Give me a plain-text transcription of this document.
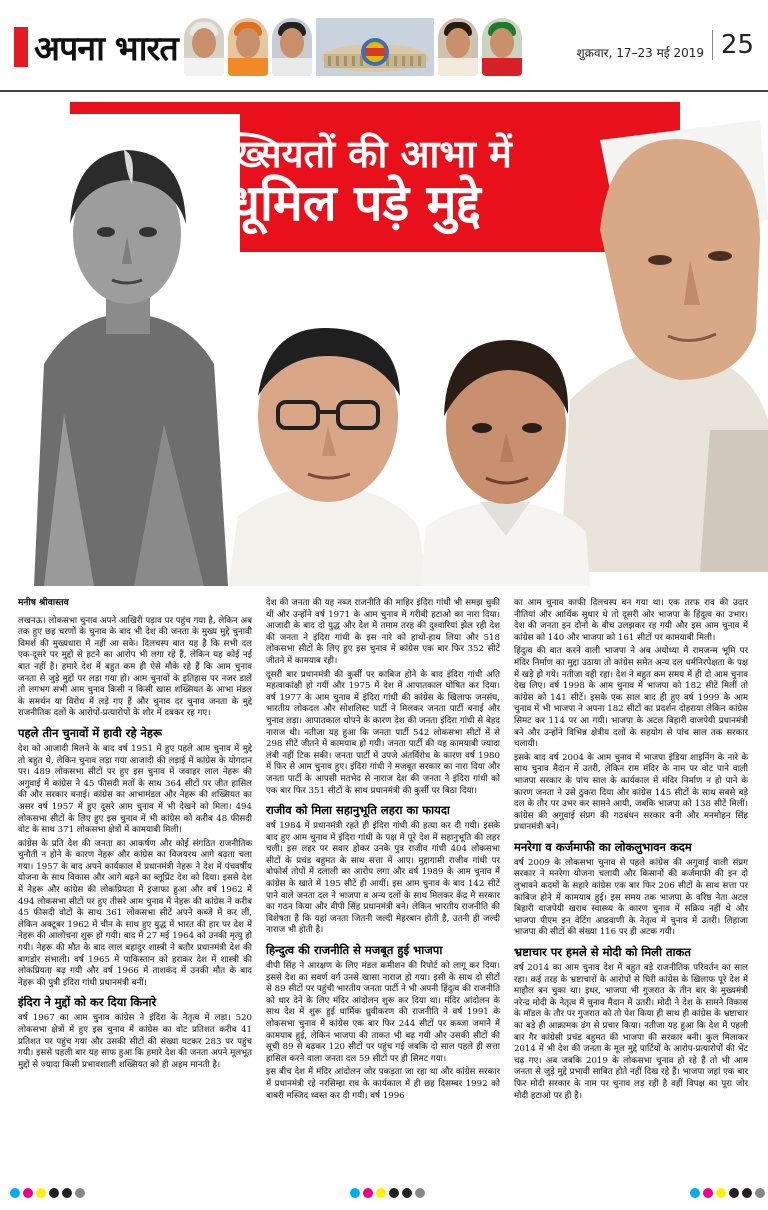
अपना भारत	शुक्रवार, 17–23 मई 2019 25
शख्सियतों की आभा में
धूमिल पड़े मुद्दे
मनीष श्रीवास्तव

लखनऊ। लोकसभा चुनाव अपने आखिरी पड़ाव पर पहुंच गया है, लेकिन अब तक हुए छह चरणों के चुनाव के बाद भी देश की जनता के मुख्य मुद्दे चुनावी विमर्श की मुख्यधारा में नहीं आ सके। दिलचस्प बात यह है कि सभी दल एक-दूसरे पर मुद्दों से हटने का आरोप भी लगा रहे हैं, लेकिन यह कोई नई बात नहीं है। हमारे देश में बहुत कम ही ऐसे मौके रहे हैं कि आम चुनाव जनता से जुड़े मुद्दों पर लड़ा गया हो। आम चुनावों के इतिहास पर नजर डालें तो लगभग सभी आम चुनाव किसी न किसी खास शख्सियत के आभा मंडल के समर्थन या विरोध में लड़े गए हैं और चुनाव दर चुनाव जनता के मुद्दे राजनीतिक दलों के आरोपों-प्रत्यारोपों के शोर में दबकर रह गए।

पहले तीन चुनावों में हावी रहे नेहरू

देश को आजादी मिलने के बाद वर्ष 1951 में हुए पहले आम चुनाव में मुद्दे तो बहुत थे, लेकिन चुनाव लड़ा गया आजादी की लड़ाई में कांग्रेस के योगदान पर। 489 लोकसभा सीटों पर हुए इस चुनाव में जवाहर लाल नेहरू की अगुवाई में कांग्रेस ने 45 फीसदी मतों के साथ 364 सीटों पर जीत हासिल की और सरकार बनाई। कांग्रेस का आभामंडल और नेहरू की शख्सियत का असर वर्ष 1957 में हुए दूसरे आम चुनाव में भी देखने को मिला। 494 लोकसभा सीटों के लिए हुए इस चुनाव में भी कांग्रेस को करीब 48 फीसदी वोट के साथ 371 लोकसभा क्षेत्रों में कामयाबी मिली।

कांग्रेस के प्रति देश की जनता का आकर्षण और कोई संगठित राजनीतिक चुनौती न होने के कारण नेहरू और कांग्रेस का विजयरथ आगे बढ़ता चला गया। 1957 के बाद अपने कार्यकाल में प्रधानमंत्री नेहरू ने देश में पंचवर्षीय योजना के साथ विकास और आगे बढ़ने का ब्लूप्रिंट देश को दिया। इससे देश में नेहरू और कांग्रेस की लोकप्रियता में इजाफा हुआ और वर्ष 1962 में 494 लोकसभा सीटों पर हुए तीसरे आम चुनाव में नेहरू की कांग्रेस ने करीब 45 फीसदी वोटों के साथ 361 लोकसभा सीटें अपने कब्जे में कर लीं, लेकिन अक्टूबर 1962 में चीन के साथ हुए युद्ध में भारत की हार पर देश में नेहरू की आलोचना शुरू हो गयी। बाद में 27 मई 1964 को उनकी मृत्यु हो गयी। नेहरू की मौत के बाद लाल बहादुर शास्त्री ने बतौर प्रधानमंत्री देश की बागडोर संभाली। वर्ष 1965 में पाकिस्तान को हराकर देश में शास्त्री की लोकप्रियता बढ़ गयी और वर्ष 1966 में ताशकंद में उनकी मौत के बाद नेहरू की पुत्री इंदिरा गांधी प्रधानमंत्री बनीं।

इंदिरा ने मुद्दों को कर दिया किनारे

वर्ष 1967 का आम चुनाव कांग्रेस ने इंदिरा के नेतृत्व में लड़ा। 520 लोकसभा क्षेत्रों में हुए इस चुनाव में कांग्रेस का वोट प्रतिशत करीब 41 प्रतिशत पर पहुंच गया और उसकी सीटों की संख्या घटकर 283 पर पहुंच गयी। इससे पहली बार यह साफ हुआ कि हमारे देश की जनता अपने मूलभूत मुद्दों से ज्यादा किसी प्रभावशाली शख्सियत को ही अहम मानती है।

देश की जनता की यह नब्ज राजनीति की माहिर इंदिरा गांधी भी समझ चुकी थीं और उन्होंने वर्ष 1971 के आम चुनाव में गरीबी हटाओ का नारा दिया। आजादी के बाद दो युद्ध और देश में तमाम तरह की दुश्वारियां झेल रही देश की जनता ने इंदिरा गांधी के इस नारे को हाथों-हाथ लिया और 518 लोकसभा सीटों के लिए हुए इस चुनाव में कांग्रेस एक बार फिर 352 सीटें जीतने में कामयाब रही।

दूसरी बार प्रधानमंत्री की कुर्सी पर काबिज होने के बाद इंदिरा गांधी अति महत्वाकांक्षी हो गयीं और 1975 में देश में आपातकाल घोषित कर दिया। वर्ष 1977 के आम चुनाव में इंदिरा गांधी की कांग्रेस के खिलाफ जनसंघ, भारतीय लोकदल और सोशलिस्ट पार्टी ने मिलकर जनता पार्टी बनाई और चुनाव लड़ा। आपातकाल थोपने के कारण देश की जनता इंदिरा गांधी से बेहद नाराज थी। नतीजा यह हुआ कि जनता पार्टी 542 लोकसभा सीटों में से 298 सीटें जीतने में कामयाब हो गयी। जनता पार्टी की यह कामयाबी ज्यादा लंबी नहीं टिक सकी। जनता पार्टी में उपजे अंतर्विरोध के कारण वर्ष 1980 में फिर से आम चुनाव हुए। इंदिरा गांधी ने मजबूत सरकार का नारा दिया और जनता पार्टी के आपसी मतभेद से नाराज देश की जनता ने इंदिरा गांधी को एक बार फिर 351 सीटों के साथ प्रधानमंत्री की कुर्सी पर बिठा दिया।

राजीव को मिला सहानुभूति लहरा का फायदा

वर्ष 1984 में प्रधानमंत्री रहते ही इंदिरा गांधी की हत्या कर दी गयी। इसके बाद हुए आम चुनाव में इंदिरा गांधी के पक्ष में पूरे देश में सहानुभूति की लहर चली। इस लहर पर सवार होकर उनके पुत्र राजीव गांधी 404 लोकसभा सीटों के प्रचंड बहुमत के साथ सत्ता में आए। मुद्दागामी राजीव गांधी पर बोफोर्स तोपों में दलाली का आरोप लगा और वर्ष 1989 के आम चुनाव में कांग्रेस के खाते में 195 सीटें ही आयीं। इस आम चुनाव के बाद 142 सीटें पाने वाले जनता दल ने भाजपा व अन्य दलों के साथ मिलकर केंद्र में सरकार का गठन किया और वीपी सिंह प्रधानमंत्री बने। लेकिन भारतीय राजनीति की विशेषता है कि यहां जनता जितनी जल्दी मेहरबान होती है, उतनी ही जल्दी नाराज भी होती है।

हिन्दुत्व की राजनीति से मजबूत हुई भाजपा

वीपी सिंह ने आरक्षण के लिए मंडल कमीशन की रिपोर्ट को लागू कर दिया। इससे देश का सवर्ण वर्ग उनसे खासा नाराज हो गया। इसी के साथ दो सीटों से 89 सीटों पर पहुंची भारतीय जनता पार्टी ने भी अपनी हिंदुत्व की राजनीति को धार देने के लिए मंदिर आंदोलन शुरू कर दिया था। मंदिर आंदोलन के साथ देश में शुरू हुई धार्मिक ध्रुवीकरण की राजनीति ने वर्ष 1991 के लोकसभा चुनाव में कांग्रेस एक बार फिर 244 सीटों पर कब्जा जमाने में कामयाब हुई, लेकिन भाजपा की ताकत भी बढ़ गयी और उसकी सीटों की सूची 89 से बढ़कर 120 सीटों पर पहुंच गई जबकि दो साल पहले ही सत्ता हासिल करने वाला जनता दल 59 सीटों पर ही सिमट गया।

इस बीच देश में मंदिर आंदोलन जोर पकड़ता जा रहा था और कांग्रेस सरकार में प्रधानमंत्री रहे नरसिम्हा राव के कार्यकाल में ही छह दिसम्बर 1992 को बाबरी मस्जिद ध्वस्त कर दी गयी। वर्ष 1996

का आम चुनाव काफी दिलचस्प बन गया था। एक तरफ राव की उदार नीतियां और आर्थिक सुधार थे तो दूसरी ओर भाजपा के हिंदुत्व का उभार। देश की जनता इन दोनों के बीच उलझकर रह गयी और इस आम चुनाव में कांग्रेस को 140 और भाजपा को 161 सीटों पर कामयाबी मिली।

हिंदुत्व की बात करने वाली भाजपा ने अब अयोध्या में रामजन्म भूमि पर मंदिर निर्माण का मुद्दा उठाया तो कांग्रेस समेत अन्य दल धर्मनिरपेक्षता के पक्ष में खड़े हो गये। नतीजा वही रहा। देश ने बहुत कम समय में ही दो आम चुनाव देख लिए। वर्ष 1998 के आम चुनाव में भाजपा को 182 सीटें मिलीं तो कांग्रेस को 141 सीटें। इसके एक साल बाद ही हुए वर्ष 1999 के आम चुनाव में भी भाजपा ने अपना 182 सीटों का प्रदर्शन दोहराया लेकिन कांग्रेस सिमट कर 114 पर आ गयी। भाजपा के अटल बिहारी वाजपेयी प्रधानमंत्री बने और उन्होंने विभिन्न क्षेत्रीय दलों के सहयोग से पांच साल तक सरकार चलायी।

इसके बाद वर्ष 2004 के आम चुनाव में भाजपा इंडिया शाइनिंग के नारे के साथ चुनाव मैदान में उतरी, लेकिन राम मंदिर के नाम पर वोट पाने वाली भाजपा सरकार के पांच साल के कार्यकाल में मंदिर निर्माण न हो पाने के कारण जनता ने उसे ठुकरा दिया और कांग्रेस 145 सीटों के साथ सबसे बड़े दल के तौर पर उभर कर सामने आयी, जबकि भाजपा को 138 सीटें मिलीं। कांग्रेस की अगुवाई संप्रग की गठबंधन सरकार बनी और मनमोहन सिंह प्रधानमंत्री बने।

मनरेगा व कर्जमाफी का लोकलुभावन कदम

वर्ष 2009 के लोकसभा चुनाव से पहले कांग्रेस की अगुवाई वाली संप्रग सरकार ने मनरेगा योजना चलायी और किसानों की कर्जमाफी की इन दो लुभावने कदमों के सहारे कांग्रेस एक बार फिर 206 सीटों के साथ सत्ता पर काबिज होने में कामयाब हुई। इस समय तक भाजपा के वरिष्ठ नेता अटल बिहारी वाजपेयी खराब स्वास्थ्य के कारण चुनाव में सक्रिय नहीं थे और भाजपा पीएम इन वेटिंग आडवाणी के नेतृत्व में चुनाव में उतरी। लिहाजा भाजपा की सीटों की संख्या 116 पर ही अटक गयी।

भ्रष्टाचार पर हमले से मोदी को मिली ताकत

वर्ष 2014 का आम चुनाव देश में बहुत बड़े राजनीतिक परिवर्तन का साल रहा। कई तरह के भ्रष्टाचारों के आरोपों से घिरी कांग्रेस के खिलाफ पूरे देश में माहौल बन चुका था। इधर, भाजपा भी गुजरात के तीन बार के मुख्यमंत्री नरेन्द्र मोदी के नेतृत्व में चुनाव मैदान में उतरी। मोदी ने देश के सामने विकास के मॉडल के तौर पर गुजरात को तो पेश किया ही साथ ही कांग्रेस के भ्रष्टाचार का बड़े ही आक्रामक ढंग से प्रचार किया। नतीजा यह हुआ कि देश में पहली बार गैर कांग्रेसी प्रचंड बहुमत की भाजपा की सरकार बनी। कुल मिलाकर 2014 में भी देश की जनता के मूल मुद्दे पार्टियों के आरोप-प्रत्यारोपों की भेंट चढ़ गए। अब जबकि 2019 के लोकसभा चुनाव हो रहे हैं तो भी आम जनता से जुड़े मुद्दे प्रभावी साबित होते नहीं दिख रहे हैं। भाजपा जहां एक बार फिर मोदी सरकार के नाम पर चुनाव लड़ रही है वहीं विपक्ष का पूरा जोर मोदी हटाओ पर ही है।
